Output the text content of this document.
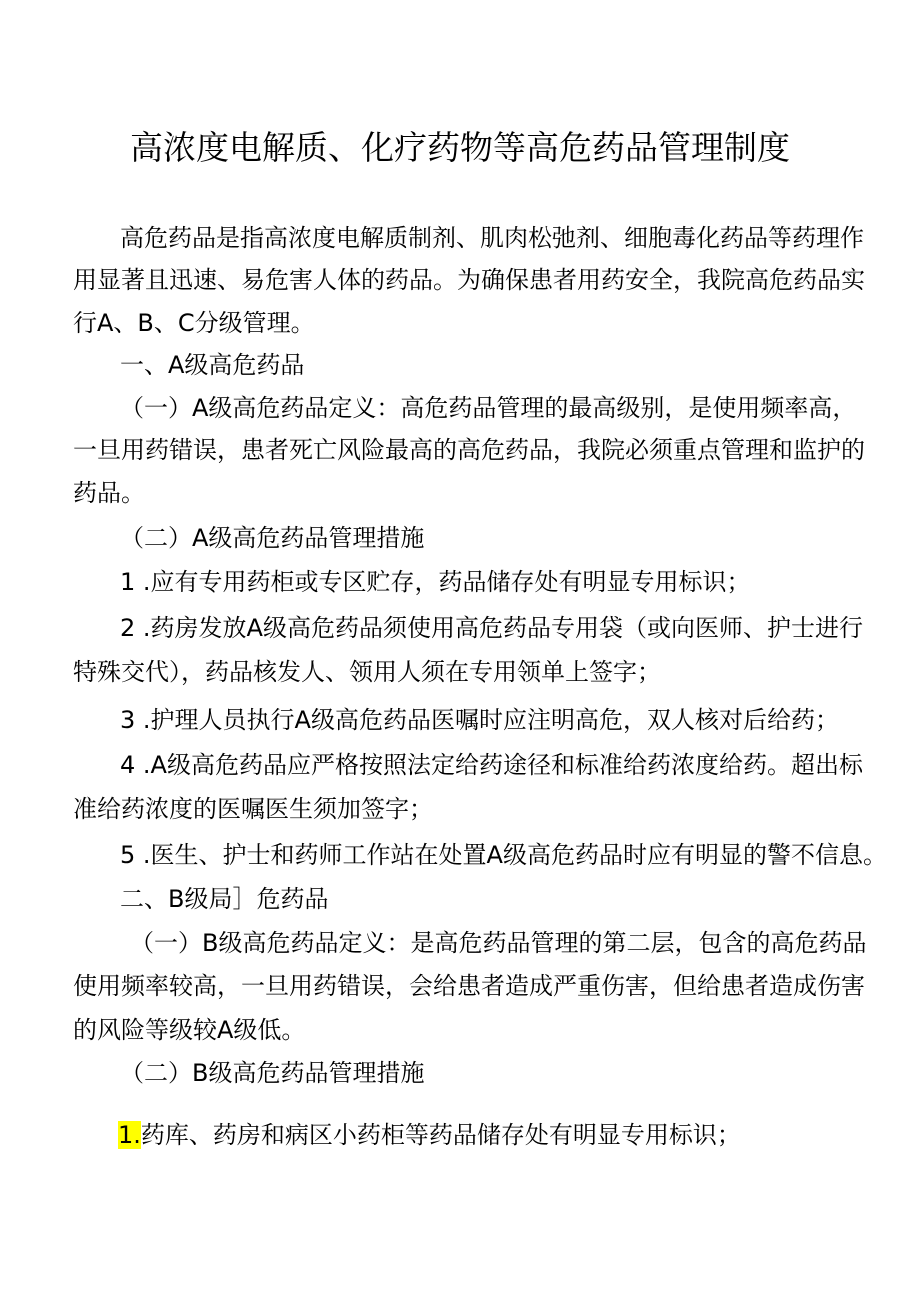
高浓度电解质、化疗药物等高危药品管理制度
高危药品是指高浓度电解质制剂、肌肉松弛剂、细胞毒化药品等药理作
用显著且迅速、易危害人体的药品。为确保患者用药安全，我院高危药品实
行A、B、C分级管理。
一、A级高危药品
（一）A级高危药品定义：高危药品管理的最高级别，是使用频率高，
一旦用药错误，患者死亡风险最高的高危药品，我院必须重点管理和监护的
药品。
（二）A级高危药品管理措施
1 .应有专用药柜或专区贮存，药品储存处有明显专用标识；
2 .药房发放A级高危药品须使用高危药品专用袋（或向医师、护士进行
特殊交代），药品核发人、领用人须在专用领单上签字；
3 .护理人员执行A级高危药品医嘱时应注明高危，双人核对后给药；
4 .A级高危药品应严格按照法定给药途径和标准给药浓度给药。超出标
准给药浓度的医嘱医生须加签字；
5 .医生、护士和药师工作站在处置A级高危药品时应有明显的警不信息。
二、B级局］危药品
（一）B级高危药品定义：是高危药品管理的第二层，包含的高危药品
使用频率较高，一旦用药错误，会给患者造成严重伤害，但给患者造成伤害
的风险等级较A级低。
（二）B级高危药品管理措施
1.药库、药房和病区小药柜等药品储存处有明显专用标识；
